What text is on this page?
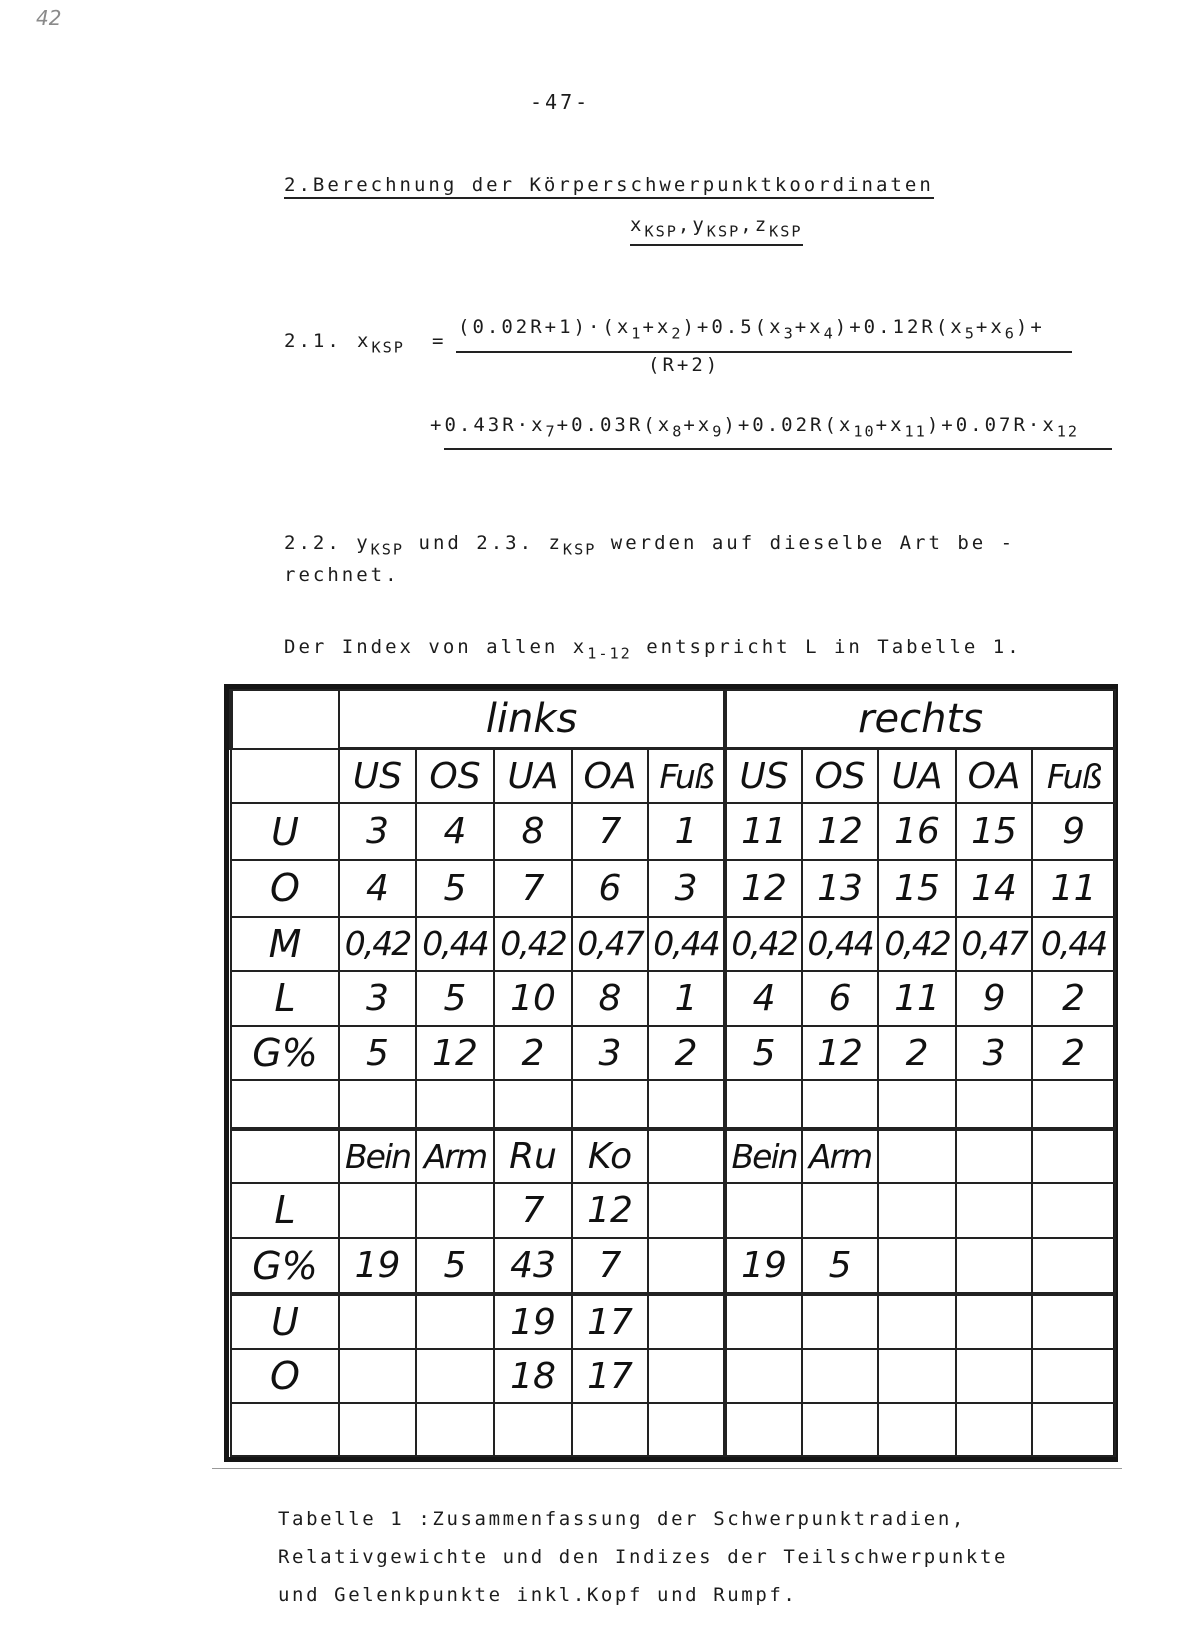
42
-47-
2.Berechnung der Körperschwerpunktkoordinaten
$x_{KSP},y_{KSP},z_{KSP}$
2.1. $x_{KSP}$ =
$(0.02R+1)\cdot(x_1+x_2)+0.5(x_3+x_4)+0.12R(x_5+x_6)+$
(R+2)
$+0.43R\cdot x_7+0.03R(x_8+x_9)+0.02R(x_{10}+x_{11})+0.07R\cdot x_{12}$
2.2. $y_{KSP}$ und 2.3. $z_{KSP}$ werden auf dieselbe Art be -
rechnet.
Der Index von allen $x_{1-12}$ entspricht L in Tabelle 1.
	links					rechts				
	US	OS	UA	OA	Fuß	US	OS	UA	OA	Fuß
U	3	4	8	7	1	11	12	16	15	9
O	4	5	7	6	3	12	13	15	14	11
M	0,42	0,44	0,42	0,47	0,44	0,42	0,44	0,42	0,47	0,44
L	3	5	10	8	1	4	6	11	9	2
G%	5	12	2	3	2	5	12	2	3	2

	Bein	Arm	Ru	Ko		Bein	Arm			
L			7	12						
G%	19	5	43	7		19	5			
U			19	17						
O			18	17						

Tabelle 1 :Zusammenfassung der Schwerpunktradien,
Relativgewichte und den Indizes der Teilschwerpunkte
und Gelenkpunkte inkl.Kopf und Rumpf.
